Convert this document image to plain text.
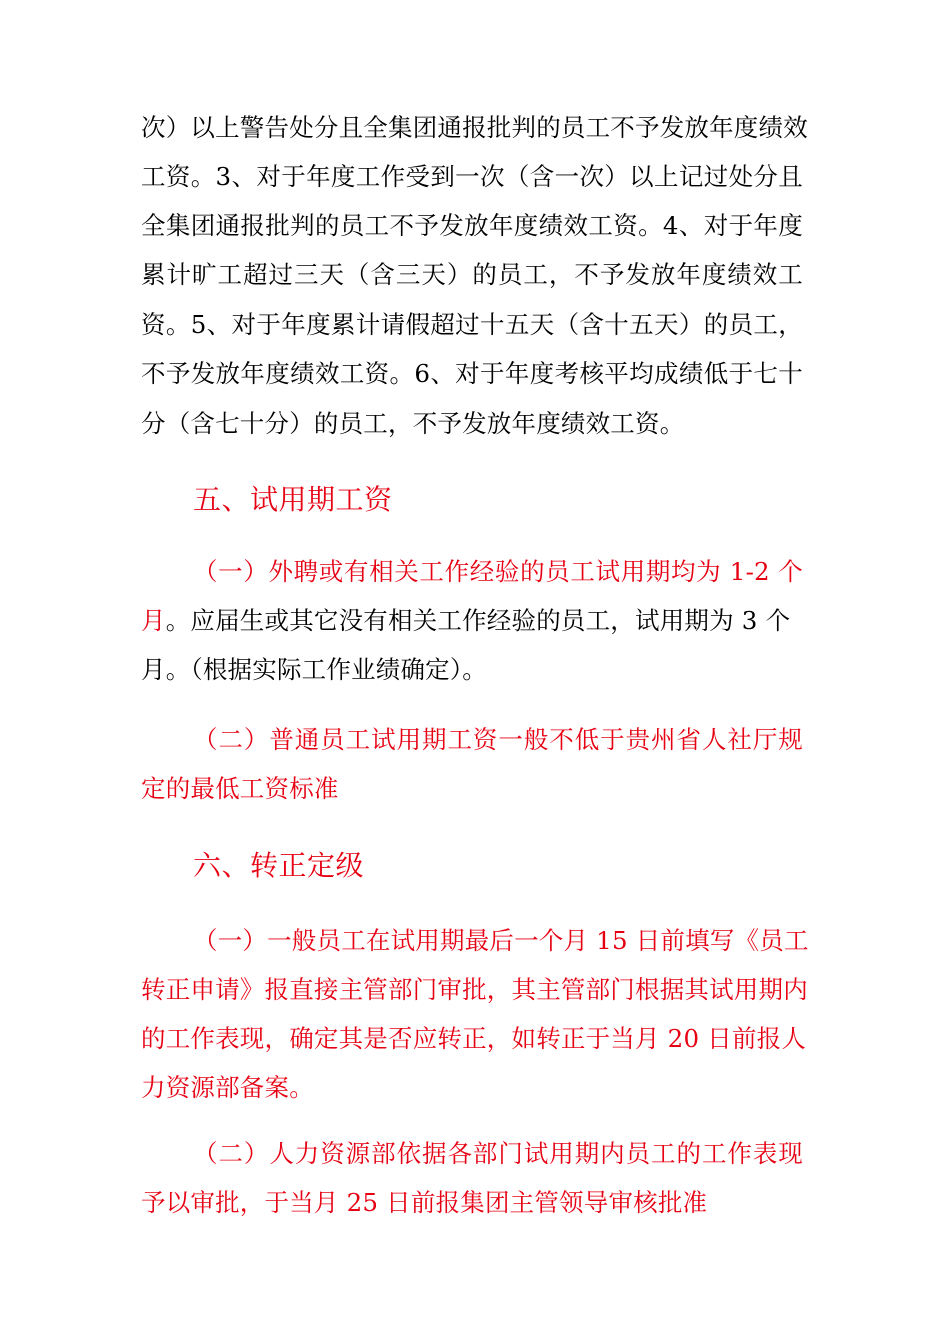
次）以上警告处分且全集团通报批判的员工不予发放年度绩效
工资。3、对于年度工作受到一次（含一次）以上记过处分且
全集团通报批判的员工不予发放年度绩效工资。4、对于年度
累计旷工超过三天（含三天）的员工，不予发放年度绩效工
资。5、对于年度累计请假超过十五天（含十五天）的员工，
不予发放年度绩效工资。6、对于年度考核平均成绩低于七十
分（含七十分）的员工，不予发放年度绩效工资。
五、试用期工资
（一）外聘或有相关工作经验的员工试用期均为 1-2 个
月。应届生或其它没有相关工作经验的员工，试用期为 3 个
月。（根据实际工作业绩确定）。
（二）普通员工试用期工资一般不低于贵州省人社厅规
定的最低工资标准
六、转正定级
（一）一般员工在试用期最后一个月 15 日前填写《员工
转正申请》报直接主管部门审批，其主管部门根据其试用期内
的工作表现，确定其是否应转正，如转正于当月 20 日前报人
力资源部备案。
（二）人力资源部依据各部门试用期内员工的工作表现
予以审批，于当月 25 日前报集团主管领导审核批准
